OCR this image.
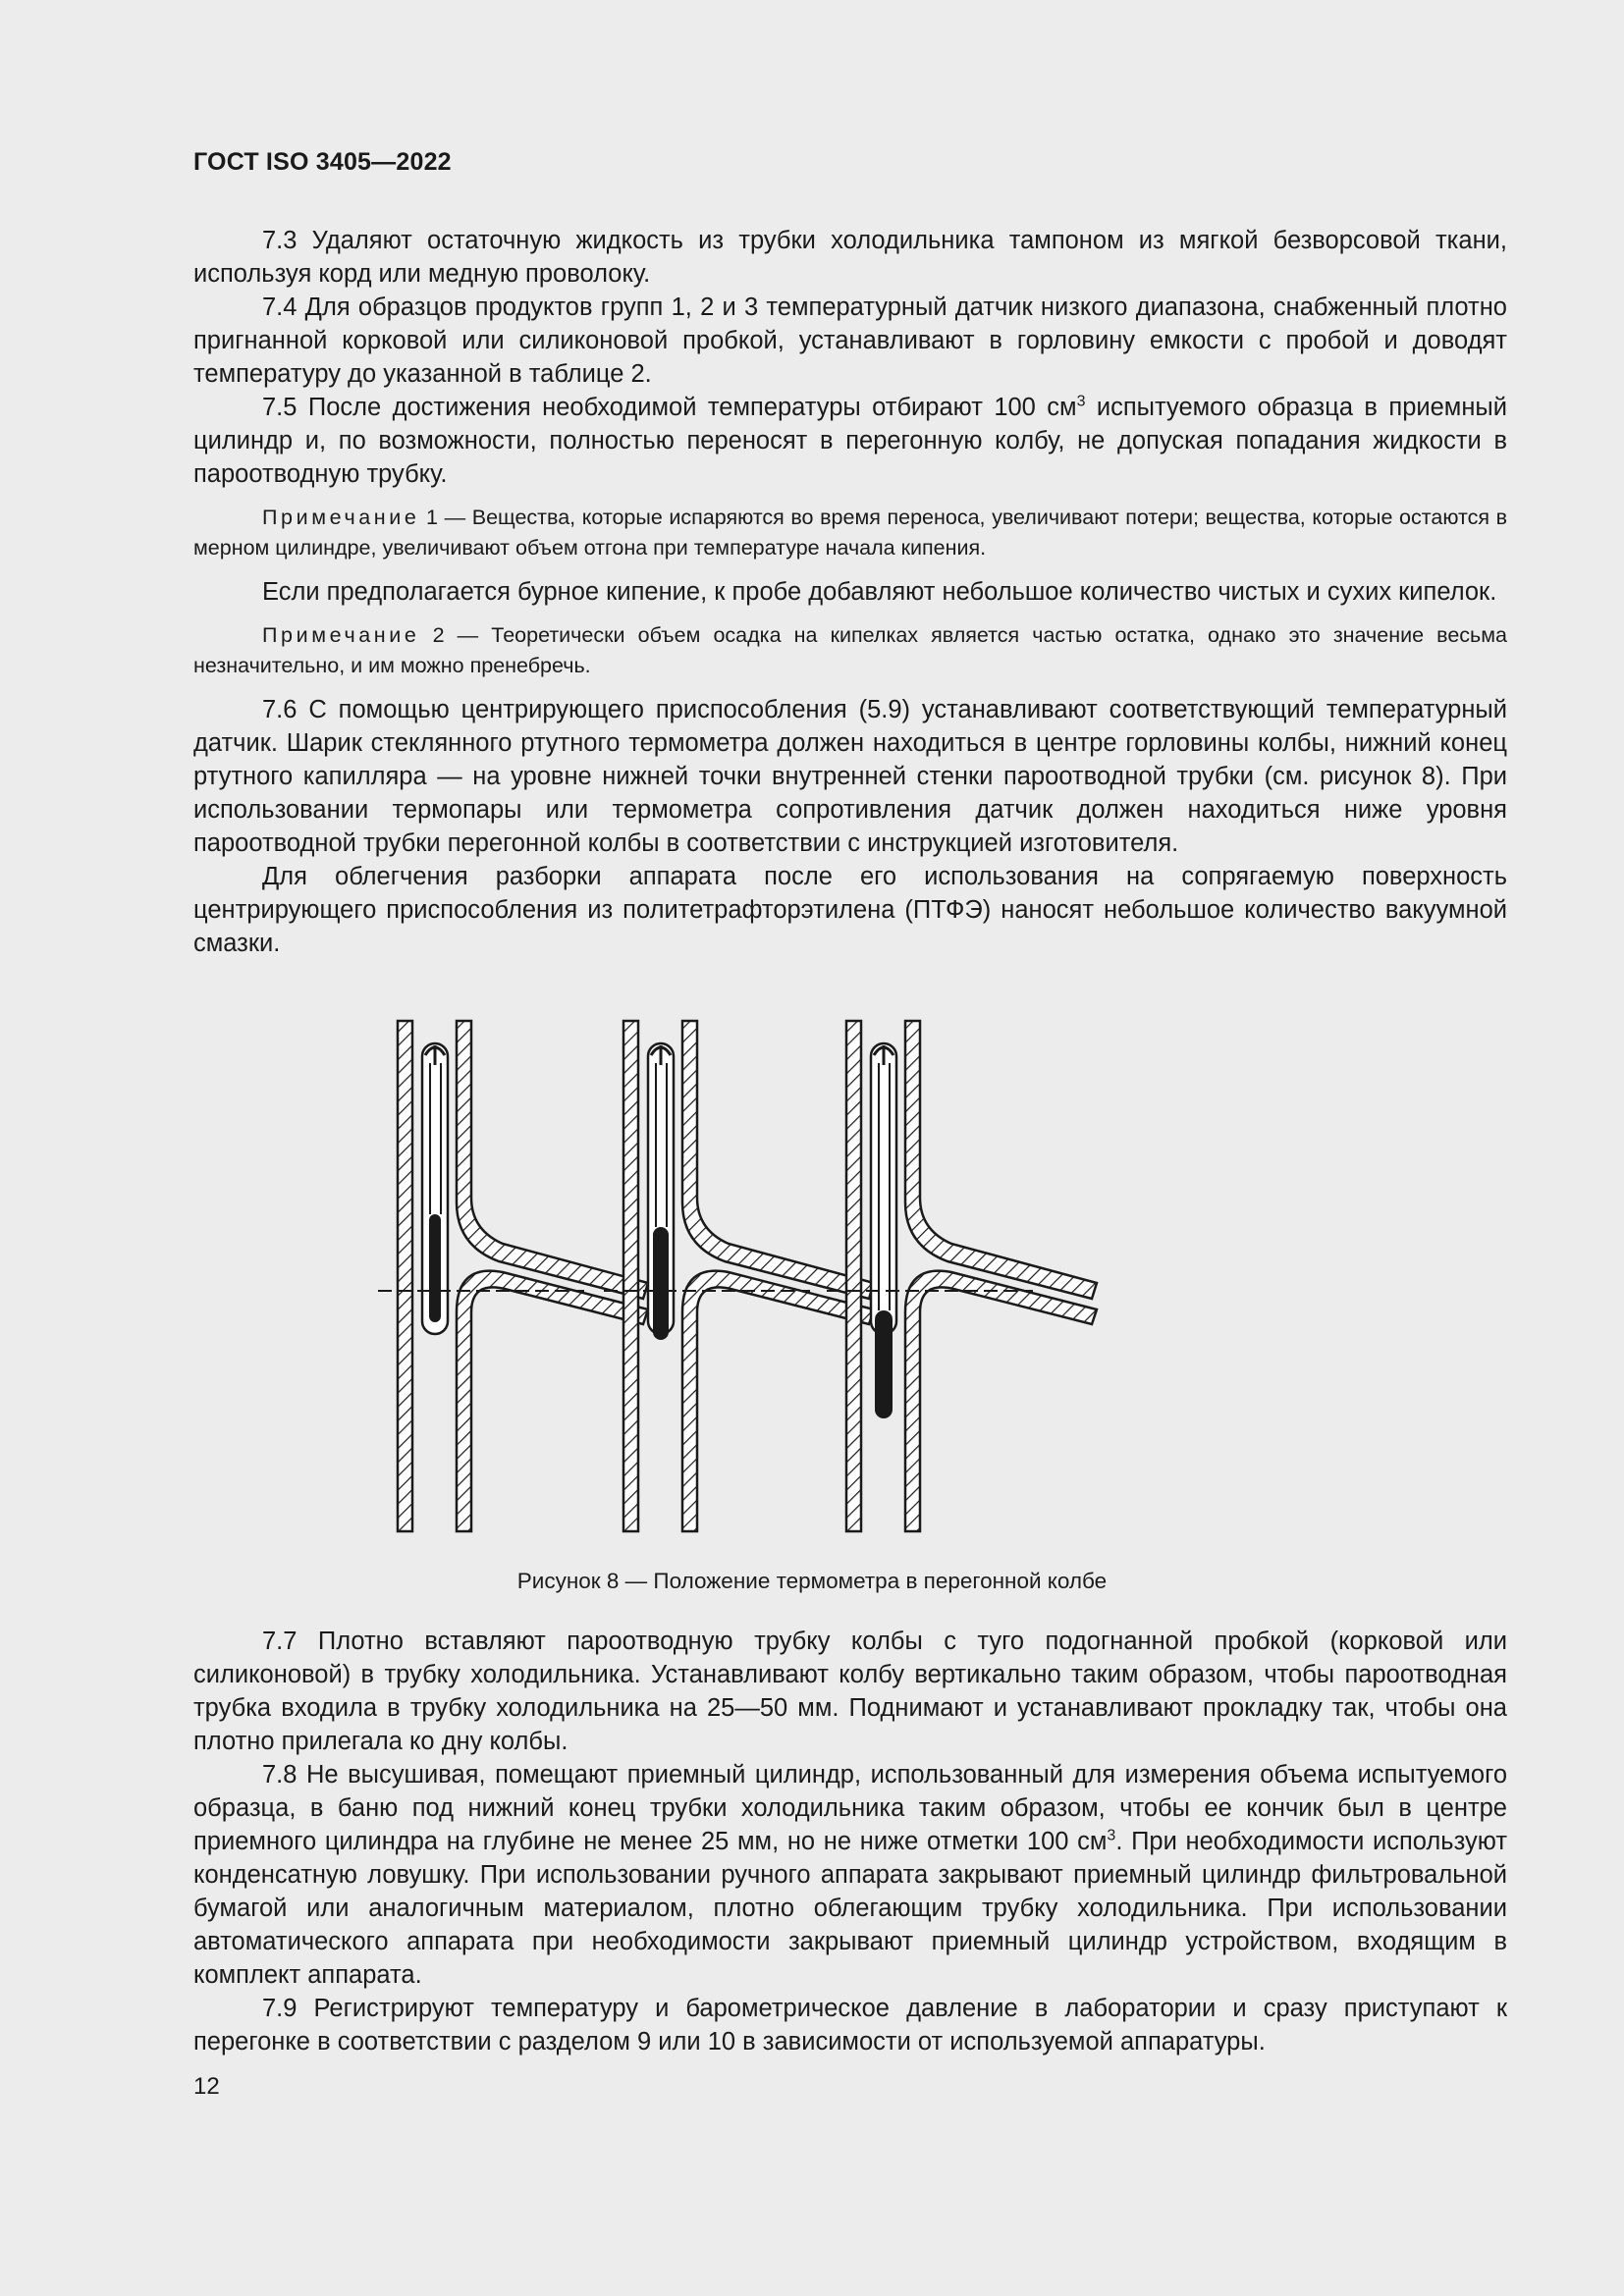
ГОСТ ISO 3405—2022

7.3 Удаляют остаточную жидкость из трубки холодильника тампоном из мягкой безворсовой ткани, используя корд или медную проволоку.

7.4 Для образцов продуктов групп 1, 2 и 3 температурный датчик низкого диапазона, снабженный плотно пригнанной корковой или силиконовой пробкой, устанавливают в горловину емкости с пробой и доводят температуру до указанной в таблице 2.

7.5 После достижения необходимой температуры отбирают 100 $см^3$ испытуемого образца в приемный цилиндр и, по возможности, полностью переносят в перегонную колбу, не допуская попадания жидкости в пароотводную трубку.

Примечание 1 — Вещества, которые испаряются во время переноса, увеличивают потери; вещества, которые остаются в мерном цилиндре, увеличивают объем отгона при температуре начала кипения.

Если предполагается бурное кипение, к пробе добавляют небольшое количество чистых и сухих кипелок.

Примечание 2 — Теоретически объем осадка на кипелках является частью остатка, однако это значение весьма незначительно, и им можно пренебречь.

7.6 С помощью центрирующего приспособления (5.9) устанавливают соответствующий температурный датчик. Шарик стеклянного ртутного термометра должен находиться в центре горловины колбы, нижний конец ртутного капилляра — на уровне нижней точки внутренней стенки пароотводной трубки (см. рисунок 8). При использовании термопары или термометра сопротивления датчик должен находиться ниже уровня пароотводной трубки перегонной колбы в соответствии с инструкцией изготовителя.

Для облегчения разборки аппарата после его использования на сопрягаемую поверхность центрирующего приспособления из политетрафторэтилена (ПТФЭ) наносят небольшое количество вакуумной смазки.

Рисунок 8 — Положение термометра в перегонной колбе

7.7 Плотно вставляют пароотводную трубку колбы с туго подогнанной пробкой (корковой или силиконовой) в трубку холодильника. Устанавливают колбу вертикально таким образом, чтобы пароотводная трубка входила в трубку холодильника на 25—50 мм. Поднимают и устанавливают прокладку так, чтобы она плотно прилегала ко дну колбы.

7.8 Не высушивая, помещают приемный цилиндр, использованный для измерения объема испытуемого образца, в баню под нижний конец трубки холодильника таким образом, чтобы ее кончик был в центре приемного цилиндра на глубине не менее 25 мм, но не ниже отметки 100 $см^3$. При необходимости используют конденсатную ловушку. При использовании ручного аппарата закрывают приемный цилиндр фильтровальной бумагой или аналогичным материалом, плотно облегающим трубку холодильника. При использовании автоматического аппарата при необходимости закрывают приемный цилиндр устройством, входящим в комплект аппарата.

7.9 Регистрируют температуру и барометрическое давление в лаборатории и сразу приступают к перегонке в соответствии с разделом 9 или 10 в зависимости от используемой аппаратуры.

12
